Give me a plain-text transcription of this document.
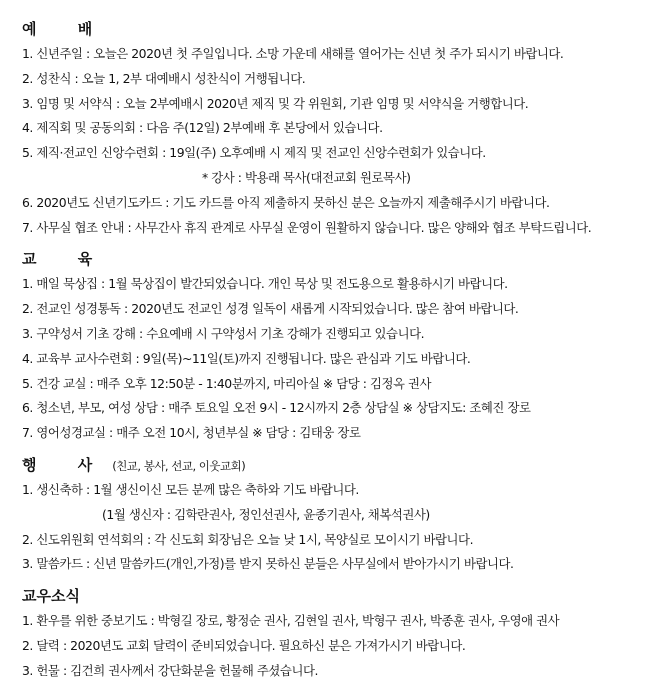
예 배
1. 신년주일 : 오늘은 2020년 첫 주일입니다. 소망 가운데 새해를 열어가는 신년 첫 주가 되시기 바랍니다.
2. 성찬식 : 오늘 1, 2부 대예배시 성찬식이 거행됩니다.
3. 임명 및 서약식 : 오늘 2부예배시 2020년 제직 및 각 위원회, 기관 임명 및 서약식을 거행합니다.
4. 제직회 및 공동의회 : 다음 주(12일) 2부예배 후 본당에서 있습니다.
5. 제직·전교인 신앙수련회 : 19일(주) 오후예배 시 제직 및 전교인 신앙수련회가 있습니다.
* 강사 : 박용래 목사(대전교회 원로목사)
6. 2020년도 신년기도카드 : 기도 카드를 아직 제출하지 못하신 분은 오늘까지 제출해주시기 바랍니다.
7. 사무실 협조 안내 : 사무간사 휴직 관계로 사무실 운영이 원활하지 않습니다. 많은 양해와 협조 부탁드립니다.
교 육
1. 매일 묵상집 : 1월 묵상집이 발간되었습니다. 개인 묵상 및 전도용으로 활용하시기 바랍니다.
2. 전교인 성경통독 : 2020년도 전교인 성경 일독이 새롭게 시작되었습니다. 많은 참여 바랍니다.
3. 구약성서 기초 강해 : 수요예배 시 구약성서 기초 강해가 진행되고 있습니다.
4. 교육부 교사수련회 : 9일(목)~11일(토)까지 진행됩니다. 많은 관심과 기도 바랍니다.
5. 건강 교실 : 매주 오후 12:50분 - 1:40분까지, 마리아실 ※ 담당 : 김정옥 권사
6. 청소년, 부모, 여성 상담 : 매주 토요일 오전 9시 - 12시까지 2층 상담실 ※ 상담지도: 조혜진 장로
7. 영어성경교실 : 매주 오전 10시, 청년부실 ※ 담당 : 김태웅 장로
행 사 (친교, 봉사, 선교, 이웃교회)
1. 생신축하 : 1월 생신이신 모든 분께 많은 축하와 기도 바랍니다.
(1월 생신자 : 김학란권사, 정인선권사, 윤종기권사, 채복석권사)
2. 신도위원회 연석회의 : 각 신도회 회장님은 오늘 낮 1시, 목양실로 모이시기 바랍니다.
3. 말씀카드 : 신년 말씀카드(개인,가정)를 받지 못하신 분들은 사무실에서 받아가시기 바랍니다.
교우소식
1. 환우를 위한 중보기도 : 박형길 장로, 황정순 권사, 김현일 권사, 박형구 권사, 박종훈 권사, 우영애 권사
2. 달력 : 2020년도 교회 달력이 준비되었습니다. 필요하신 분은 가져가시기 바랍니다.
3. 헌물 : 김건희 권사께서 강단화분을 헌물해 주셨습니다.
